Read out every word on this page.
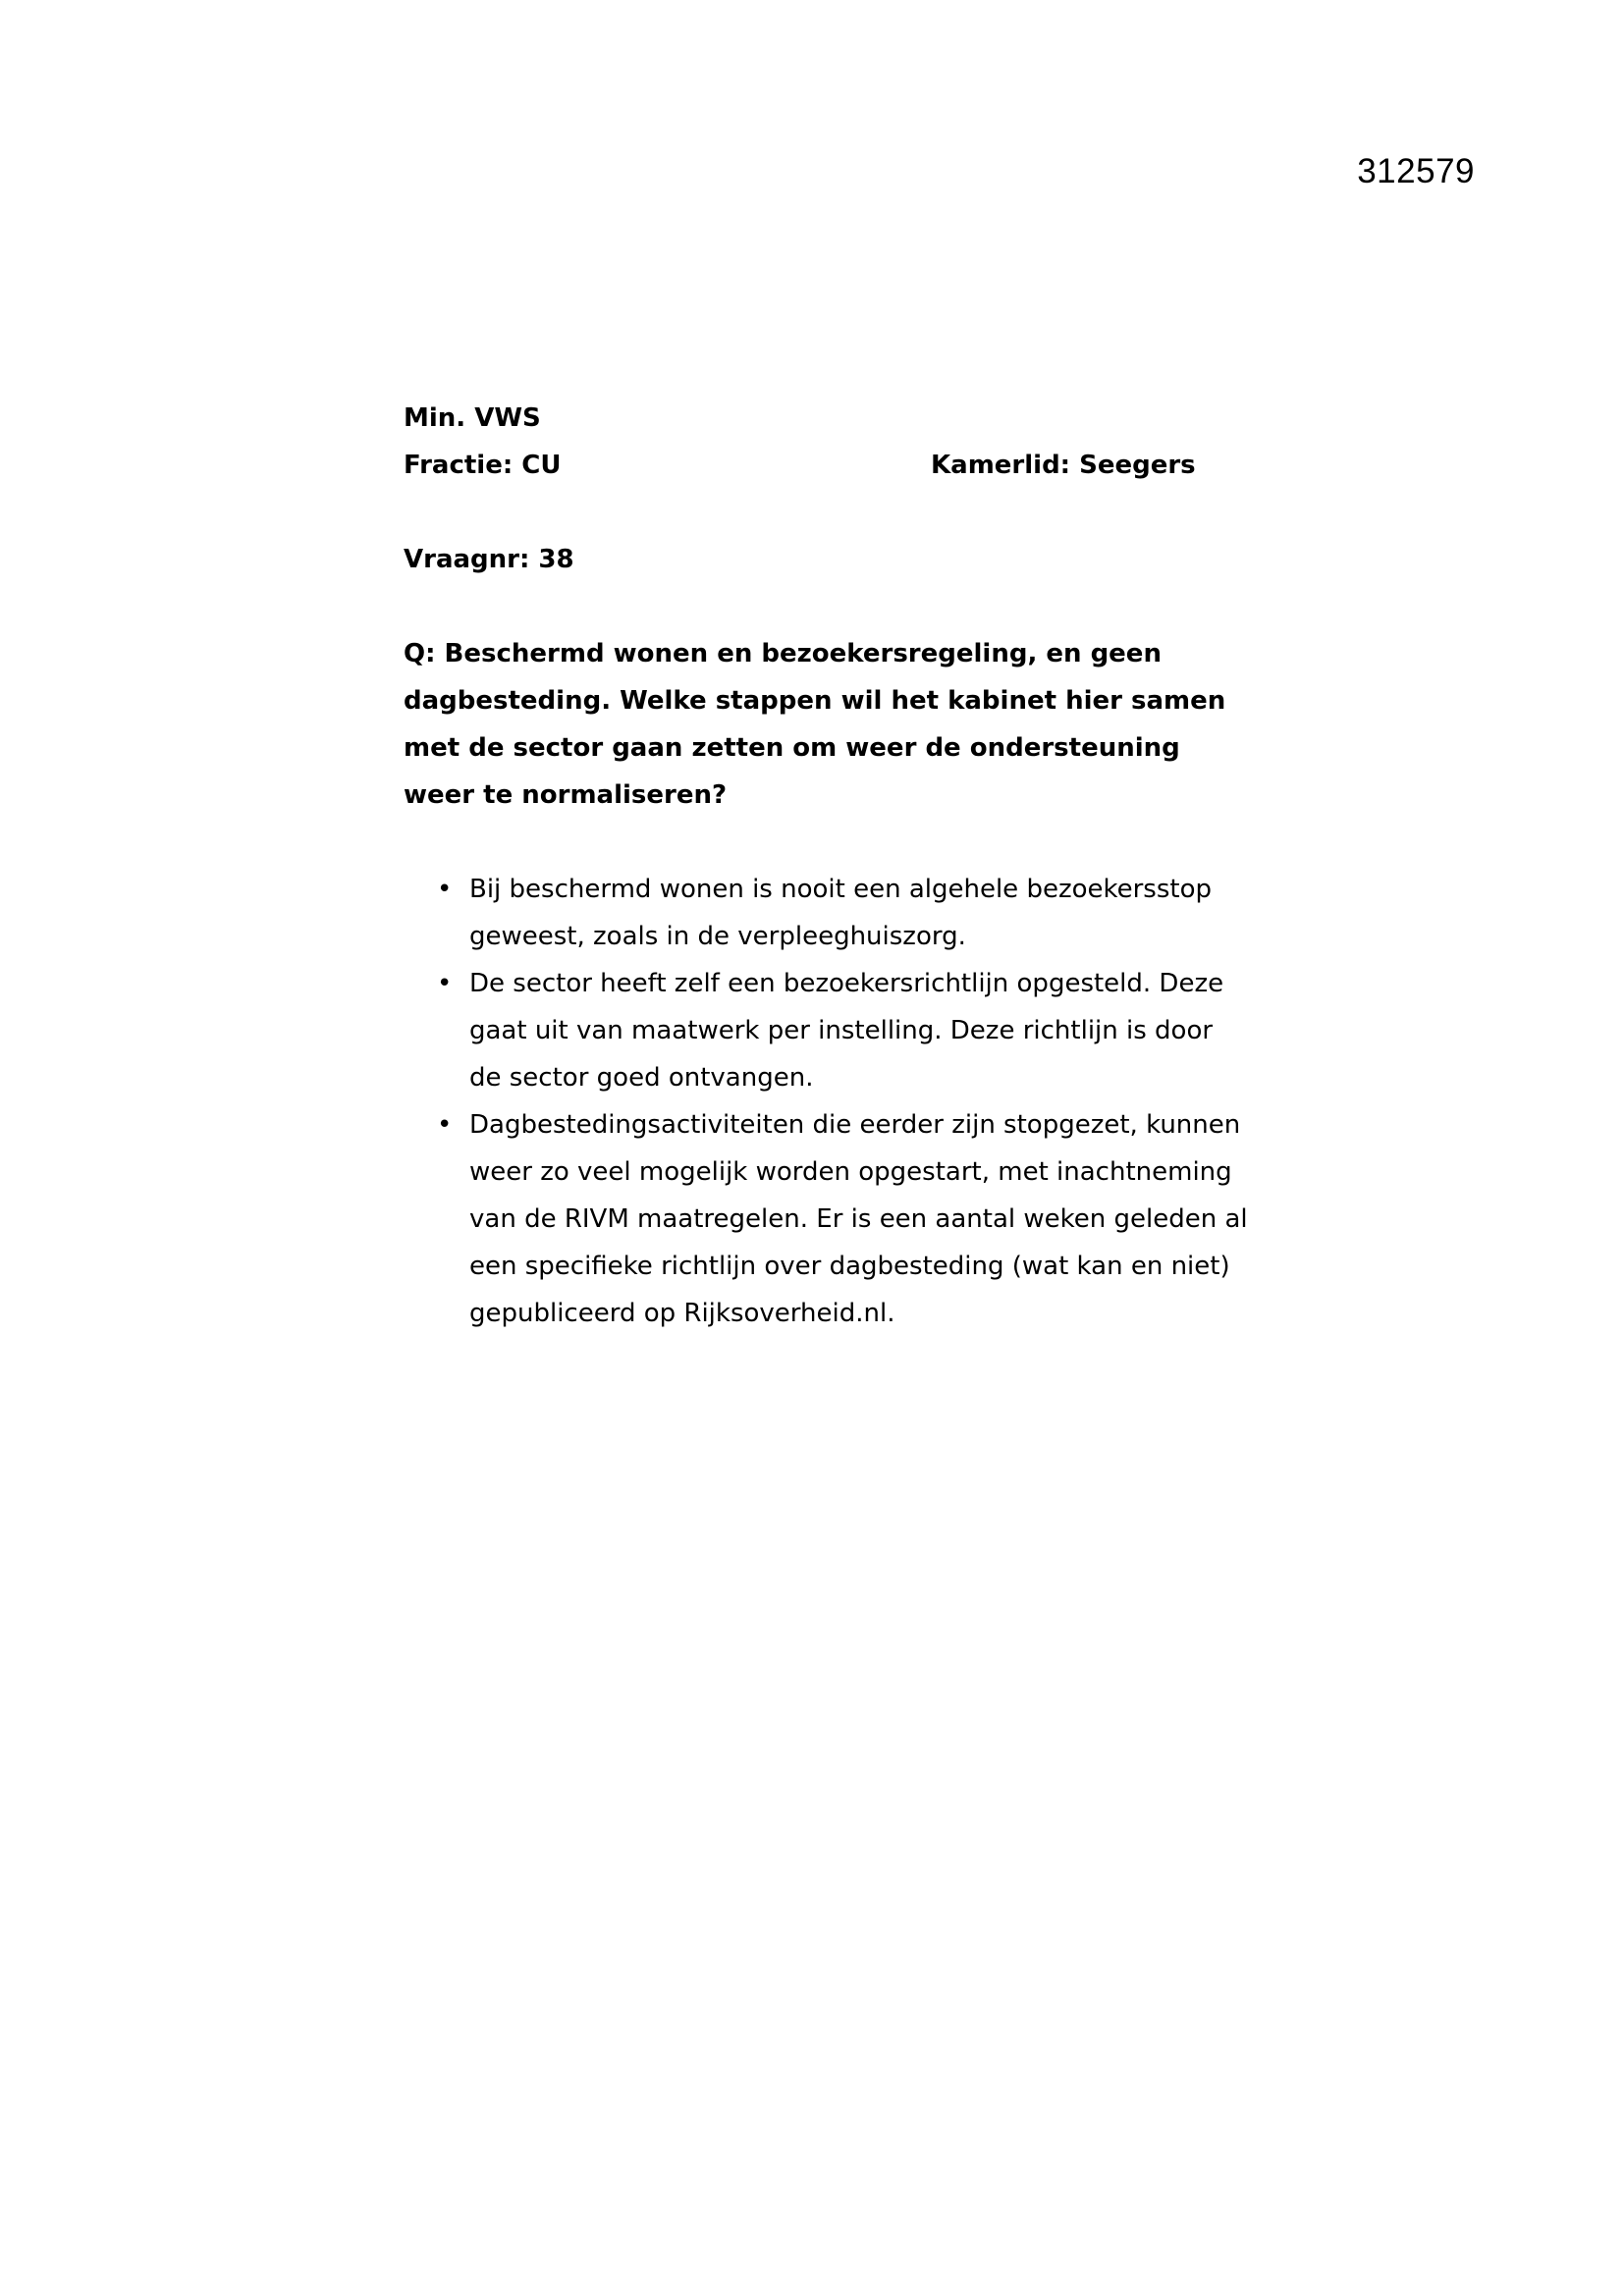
312579
Min. VWS
Fractie: CU	Kamerlid: Seegers
Vraagnr: 38
Q: Beschermd wonen en bezoekersregeling, en geen dagbesteding. Welke stappen wil het kabinet hier samen met de sector gaan zetten om weer de ondersteuning weer te normaliseren?
• Bij beschermd wonen is nooit een algehele bezoekersstop geweest, zoals in de verpleeghuiszorg.
• De sector heeft zelf een bezoekersrichtlijn opgesteld. Deze gaat uit van maatwerk per instelling. Deze richtlijn is door de sector goed ontvangen.
• Dagbestedingsactiviteiten die eerder zijn stopgezet, kunnen weer zo veel mogelijk worden opgestart, met inachtneming van de RIVM maatregelen. Er is een aantal weken geleden al een specifieke richtlijn over dagbesteding (wat kan en niet) gepubliceerd op Rijksoverheid.nl.
